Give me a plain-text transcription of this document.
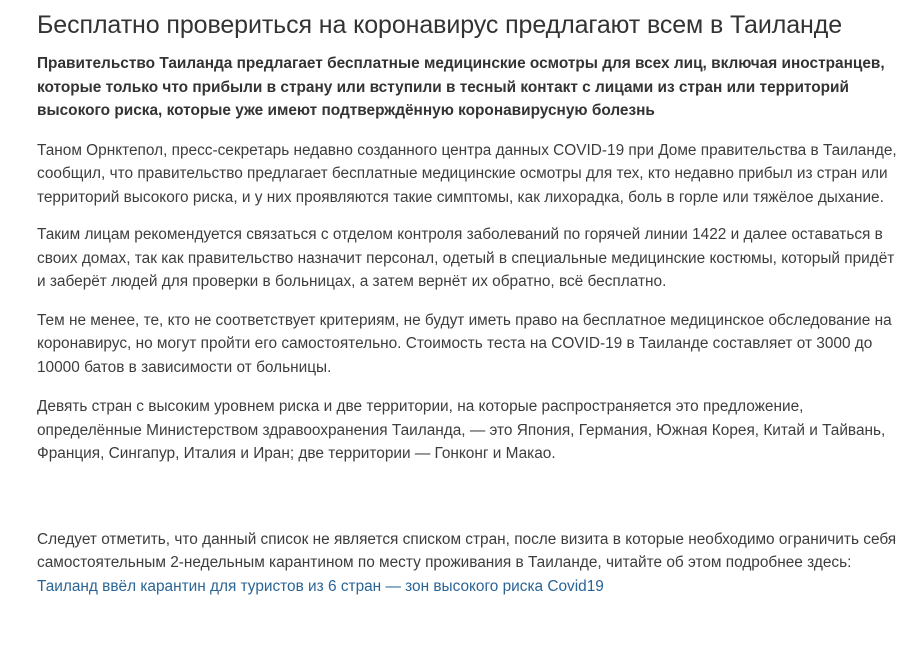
Бесплатно провериться на коронавирус предлагают всем в Таиланде

Правительство Таиланда предлагает бесплатные медицинские осмотры для всех лиц, включая иностранцев, которые только что прибыли в страну или вступили в тесный контакт с лицами из стран или территорий высокого риска, которые уже имеют подтверждённую коронавирусную болезнь

Таном Орнктепол, пресс-секретарь недавно созданного центра данных COVID-19 при Доме правительства в Таиланде, сообщил, что правительство предлагает бесплатные медицинские осмотры для тех, кто недавно прибыл из стран или территорий высокого риска, и у них проявляются такие симптомы, как лихорадка, боль в горле или тяжёлое дыхание.

Таким лицам рекомендуется связаться с отделом контроля заболеваний по горячей линии 1422 и далее оставаться в своих домах, так как правительство назначит персонал, одетый в специальные медицинские костюмы, который придёт и заберёт людей для проверки в больницах, а затем вернёт их обратно, всё бесплатно.

Тем не менее, те, кто не соответствует критериям, не будут иметь право на бесплатное медицинское обследование на коронавирус, но могут пройти его самостоятельно. Стоимость теста на COVID-19 в Таиланде составляет от 3000 до 10000 батов в зависимости от больницы.

Девять стран с высоким уровнем риска и две территории, на которые распространяется это предложение, определённые Министерством здравоохранения Таиланда, — это Япония, Германия, Южная Корея, Китай и Тайвань, Франция, Сингапур, Италия и Иран; две территории — Гонконг и Макао.

Следует отметить, что данный список не является списком стран, после визита в которые необходимо ограничить себя самостоятельным 2-недельным карантином по месту проживания в Таиланде, читайте об этом подробнее здесь: Таиланд ввёл карантин для туристов из 6 стран — зон высокого риска Covid19
